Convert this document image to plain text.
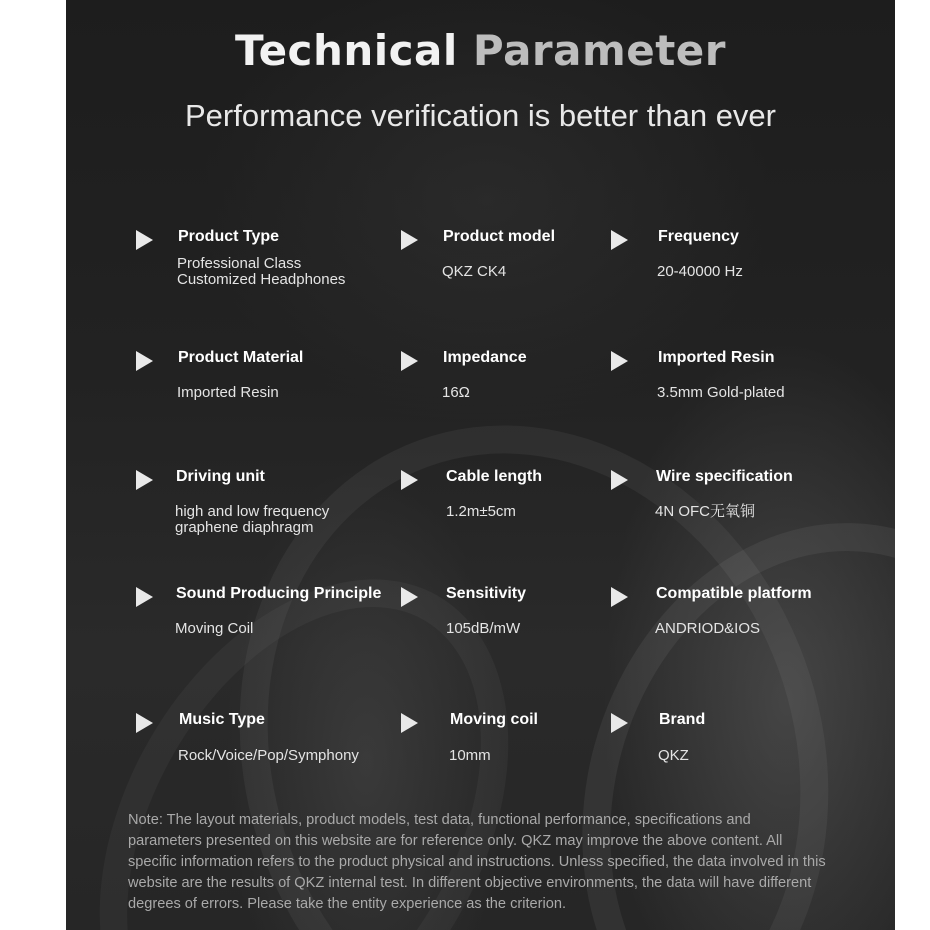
Technical Parameter
Performance verification is better than ever
Product Type
Professional Class
Customized Headphones
Product model
QKZ CK4
Frequency
20-40000 Hz
Product Material
Imported Resin
Impedance
16Ω
Imported Resin
3.5mm Gold-plated
Driving unit
high and low frequency
graphene diaphragm
Cable length
1.2m±5cm
Wire specification
4N OFC无氧铜
Sound Producing Principle
Moving Coil
Sensitivity
105dB/mW
Compatible platform
ANDRIOD&IOS
Music Type
Rock/Voice/Pop/Symphony
Moving coil
10mm
Brand
QKZ
Note: The layout materials, product models, test data, functional performance, specifications and parameters presented on this website are for reference only. QKZ may improve the above content. All specific information refers to the product physical and instructions. Unless specified, the data involved in this website are the results of QKZ internal test. In different objective environments, the data will have different degrees of errors. Please take the entity experience as the criterion.
